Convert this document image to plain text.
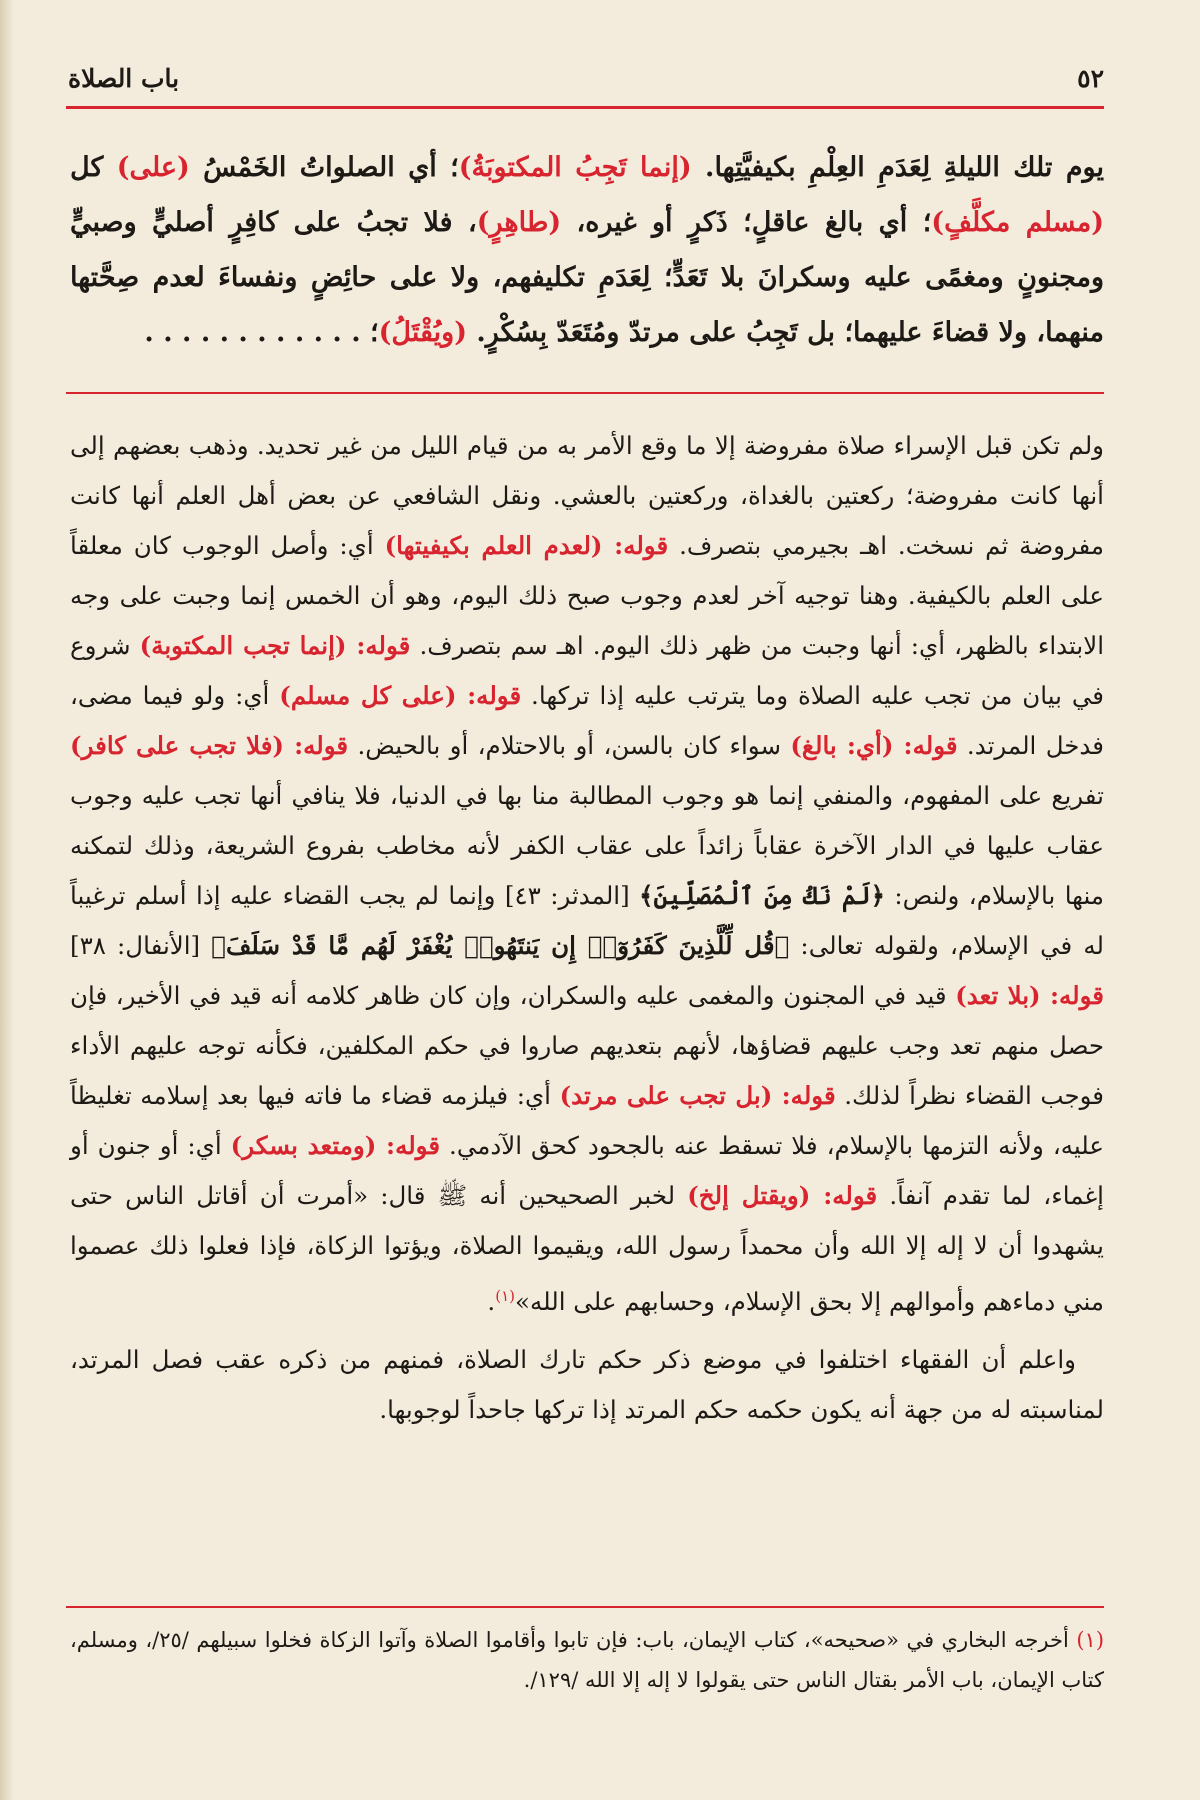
٥٢
باب الصلاة

يوم تلك الليلةِ لِعَدَمِ العِلْمِ بكيفيَّتِها. (إنما تَجِبُ المكتوبَةُ)؛ أي الصلواتُ الخَمْسُ (على) كل (مسلم مكلَّفٍ)؛ أي بالغ عاقلٍ؛ ذَكرٍ أو غيره، (طاهِرٍ)، فلا تجبُ على كافِرٍ أصليٍّ وصبيٍّ ومجنونٍ ومغمًى عليه وسكرانَ بلا تَعَدٍّ؛ لِعَدَمِ تكليفهم، ولا على حائِضٍ ونفساءَ لعدم صِحَّتها منهما، ولا قضاءَ عليهما؛ بل تَجِبُ على مرتدّ ومُتَعَدّ بِسُكْرٍ. (ويُقْتَلُ)؛ . . . . . . . . . . . .

ولم تكن قبل الإسراء صلاة مفروضة إلا ما وقع الأمر به من قيام الليل من غير تحديد. وذهب بعضهم إلى أنها كانت مفروضة؛ ركعتين بالغداة، وركعتين بالعشي. ونقل الشافعي عن بعض أهل العلم أنها كانت مفروضة ثم نسخت. اهـ بجيرمي بتصرف. قوله: (لعدم العلم بكيفيتها) أي: وأصل الوجوب كان معلقاً على العلم بالكيفية. وهنا توجيه آخر لعدم وجوب صبح ذلك اليوم، وهو أن الخمس إنما وجبت على وجه الابتداء بالظهر، أي: أنها وجبت من ظهر ذلك اليوم. اهـ سم بتصرف. قوله: (إنما تجب المكتوبة) شروع في بيان من تجب عليه الصلاة وما يترتب عليه إذا تركها. قوله: (على كل مسلم) أي: ولو فيما مضى، فدخل المرتد. قوله: (أي: بالغ) سواء كان بالسن، أو بالاحتلام، أو بالحيض. قوله: (فلا تجب على كافر) تفريع على المفهوم، والمنفي إنما هو وجوب المطالبة منا بها في الدنيا، فلا ينافي أنها تجب عليه وجوب عقاب عليها في الدار الآخرة عقاباً زائداً على عقاب الكفر لأنه مخاطب بفروع الشريعة، وذلك لتمكنه منها بالإسلام، ولنص: ﴿لَمْ نَكُ مِنَ ٱلْمُصَلِّينَ﴾ [المدثر: ٤٣] وإنما لم يجب القضاء عليه إذا أسلم ترغيباً له في الإسلام، ولقوله تعالى: ﴿قُل لِّلَّذِينَ كَفَرُوٓا۟ إِن يَنتَهُوا۟ يُغْفَرْ لَهُم مَّا قَدْ سَلَفَ﴾ [الأنفال: ٣٨] قوله: (بلا تعد) قيد في المجنون والمغمى عليه والسكران، وإن كان ظاهر كلامه أنه قيد في الأخير، فإن حصل منهم تعد وجب عليهم قضاؤها، لأنهم بتعديهم صاروا في حكم المكلفين، فكأنه توجه عليهم الأداء فوجب القضاء نظراً لذلك. قوله: (بل تجب على مرتد) أي: فيلزمه قضاء ما فاته فيها بعد إسلامه تغليظاً عليه، ولأنه التزمها بالإسلام، فلا تسقط عنه بالجحود كحق الآدمي. قوله: (ومتعد بسكر) أي: أو جنون أو إغماء، لما تقدم آنفاً. قوله: (ويقتل إلخ) لخبر الصحيحين أنه ﷺ قال: «أمرت أن أقاتل الناس حتى يشهدوا أن لا إله إلا الله وأن محمداً رسول الله، ويقيموا الصلاة، ويؤتوا الزكاة، فإذا فعلوا ذلك عصموا مني دماءهم وأموالهم إلا بحق الإسلام، وحسابهم على الله»$^{(١)}$.

واعلم أن الفقهاء اختلفوا في موضع ذكر حكم تارك الصلاة، فمنهم من ذكره عقب فصل المرتد، لمناسبته له من جهة أنه يكون حكمه حكم المرتد إذا تركها جاحداً لوجوبها.

(١) أخرجه البخاري في «صحيحه»، كتاب الإيمان، باب: فإن تابوا وأقاموا الصلاة وآتوا الزكاة فخلوا سبيلهم /٢٥/، ومسلم، كتاب الإيمان، باب الأمر بقتال الناس حتى يقولوا لا إله إلا الله /١٢٩/.
